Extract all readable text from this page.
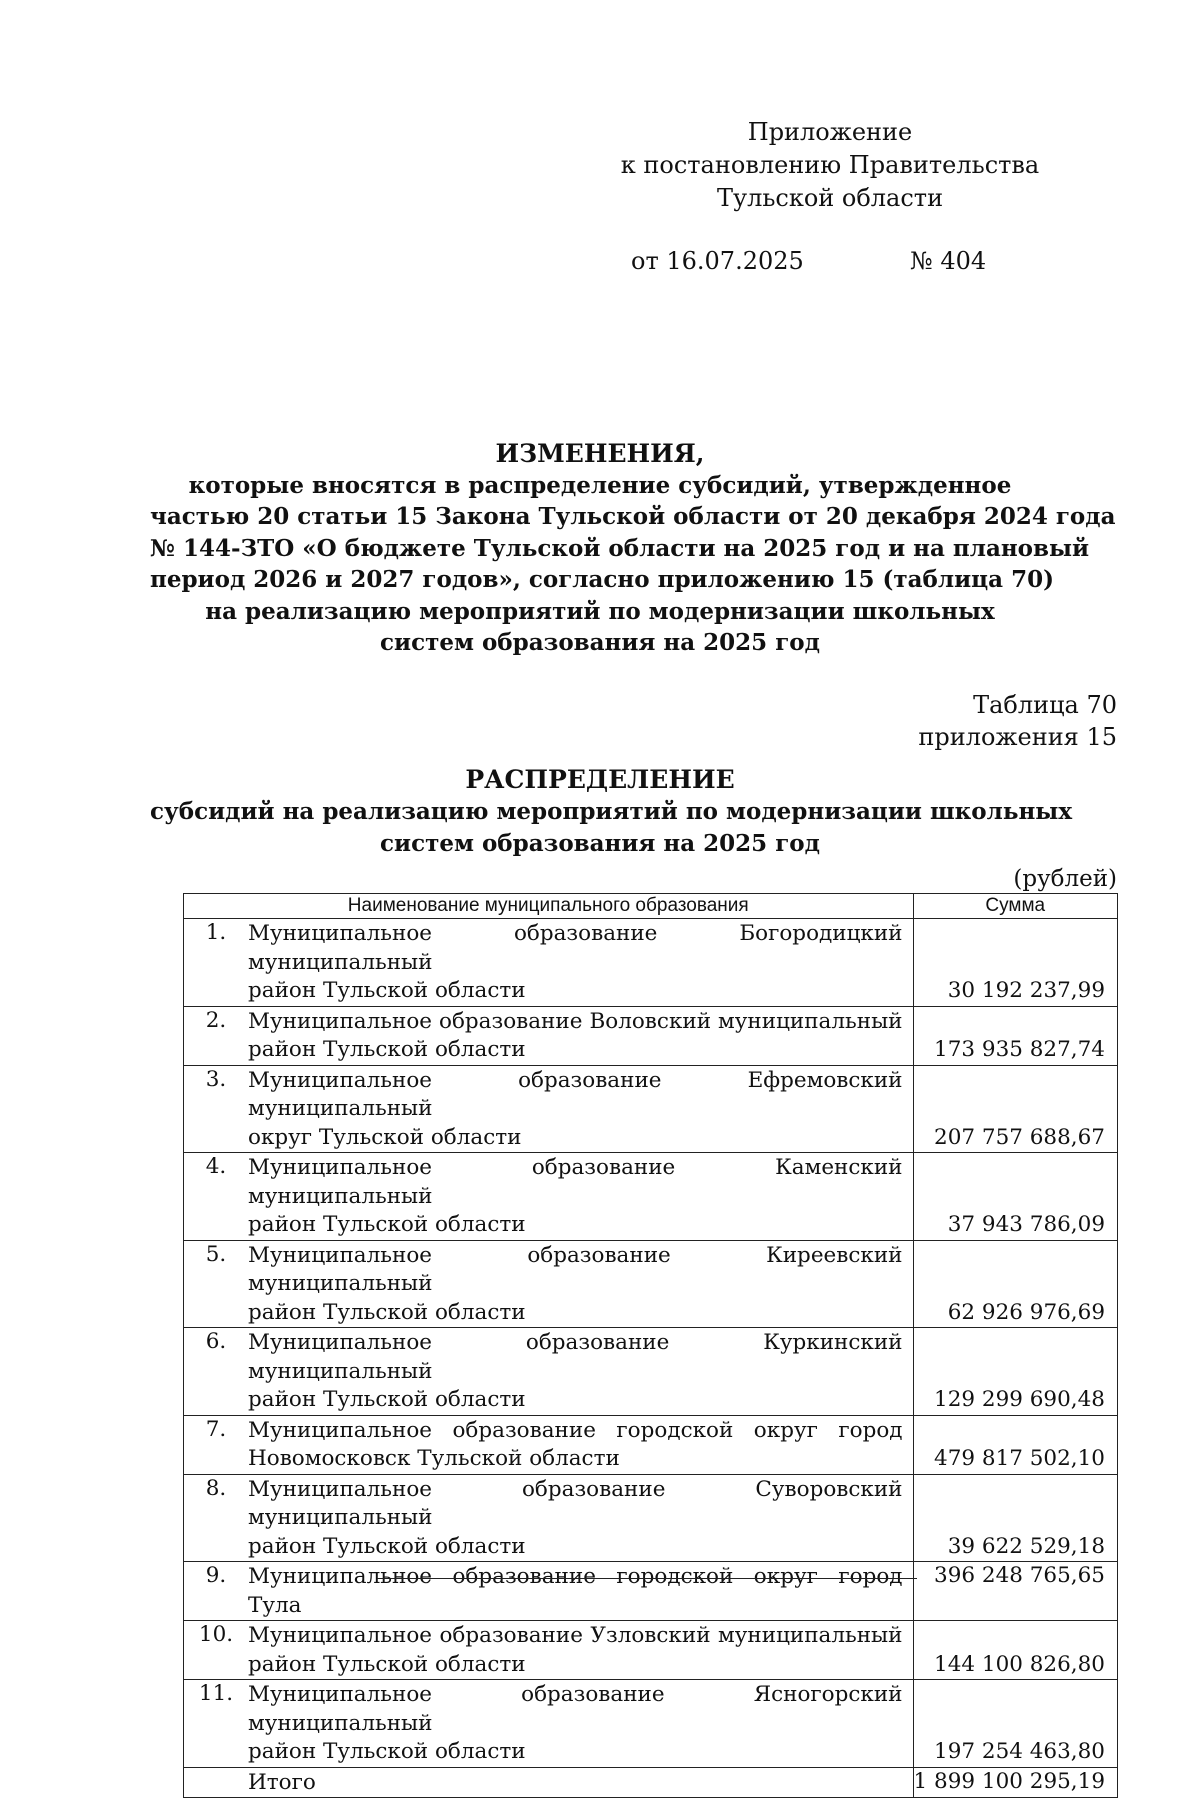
Приложение
к постановлению Правительства
Тульской области
от 16.07.2025	№ 404
ИЗМЕНЕНИЯ,
которые вносятся в распределение субсидий, утвержденное
частью 20 статьи 15 Закона Тульской области от 20 декабря 2024 года
№ 144-ЗТО «О бюджете Тульской области на 2025 год и на плановый
период 2026 и 2027 годов», согласно приложению 15 (таблица 70)
на реализацию мероприятий по модернизации школьных
систем образования на 2025 год
Таблица 70
приложения 15
РАСПРЕДЕЛЕНИЕ
субсидий на реализацию мероприятий по модернизации школьных
систем образования на 2025 год
(рублей)
Наименование муниципального образования		Сумма
1.	Муниципальное образование Богородицкий муниципальный
район Тульской области	30 192 237,99
2.	Муниципальное образование Воловский муниципальный
район Тульской области	173 935 827,74
3.	Муниципальное образование Ефремовский муниципальный
округ Тульской области	207 757 688,67
4.	Муниципальное образование Каменский муниципальный
район Тульской области	37 943 786,09
5.	Муниципальное образование Киреевский муниципальный
район Тульской области	62 926 976,69
6.	Муниципальное образование Куркинский муниципальный
район Тульской области	129 299 690,48
7.	Муниципальное образование городской округ город
Новомосковск Тульской области	479 817 502,10
8.	Муниципальное образование Суворовский муниципальный
район Тульской области	39 622 529,18
9.	Муниципальное образование городской округ город Тула	396 248 765,65
10.	Муниципальное образование Узловский муниципальный
район Тульской области	144 100 826,80
11.	Муниципальное образование Ясногорский муниципальный
район Тульской области	197 254 463,80
	Итого	1 899 100 295,19
